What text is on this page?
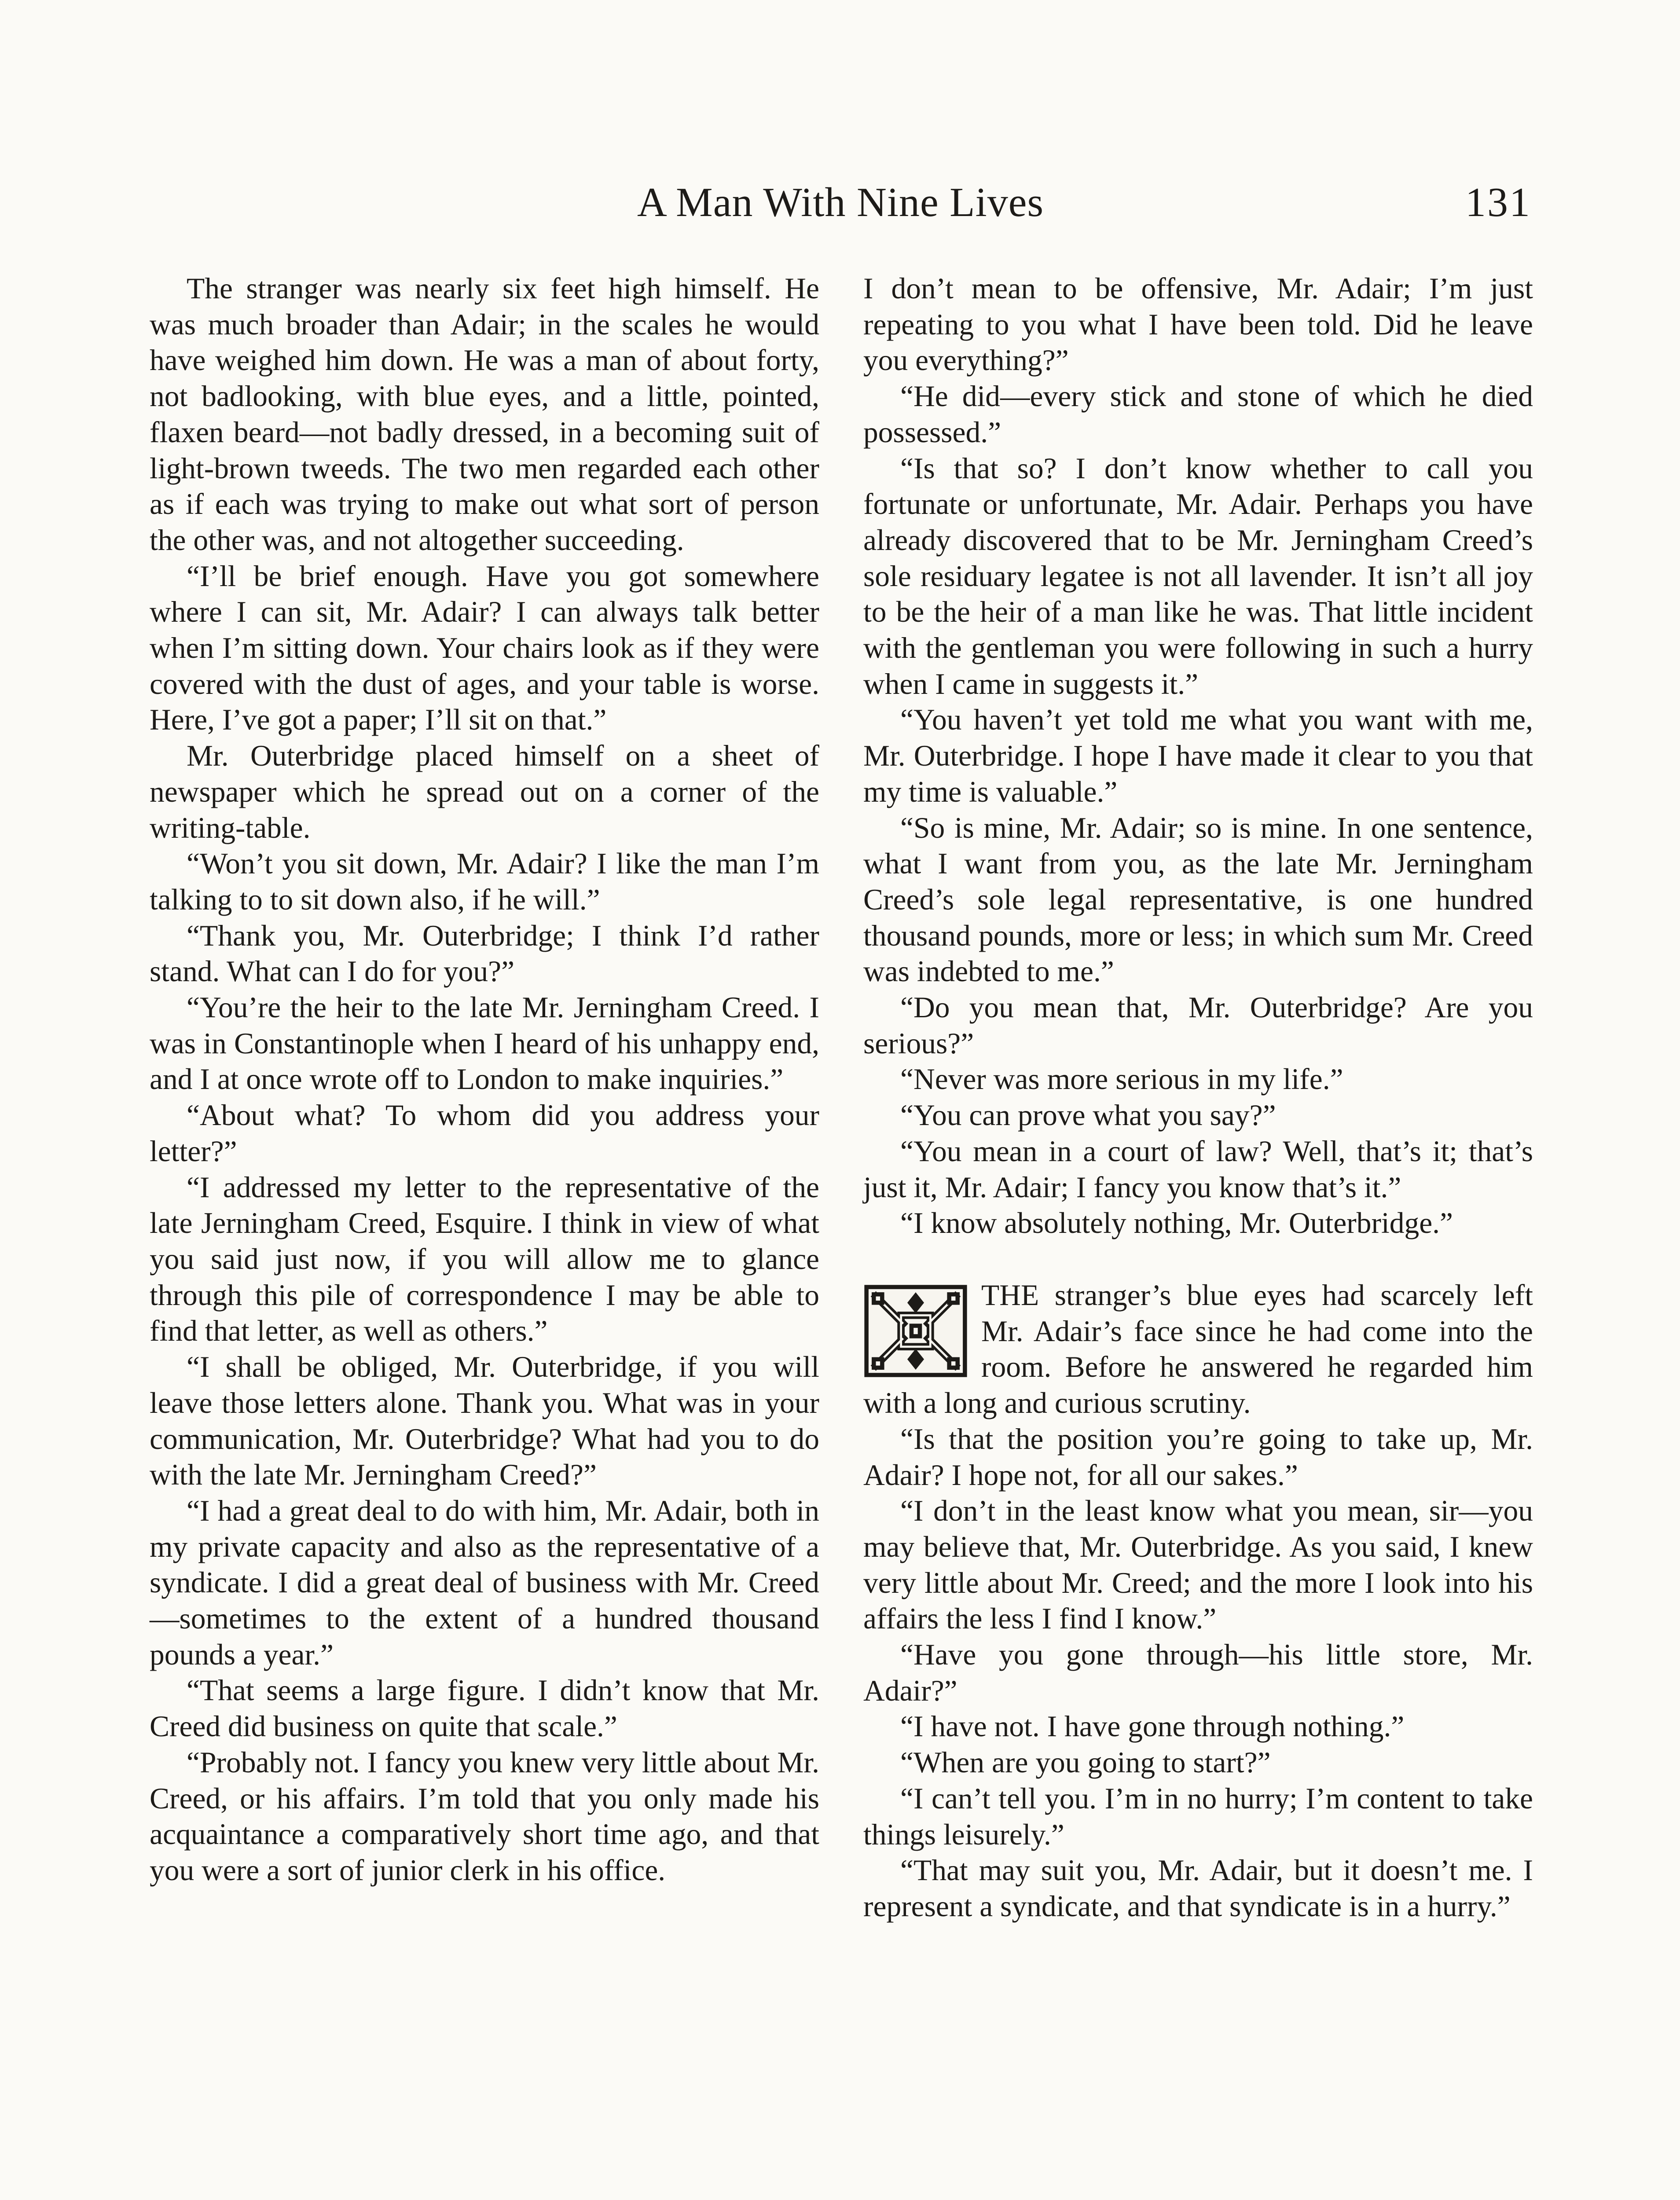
A Man With Nine Lives	131

The stranger was nearly six feet high himself. He was much broader than Adair; in the scales he would have weighed him down. He was a man of about forty, not badlooking, with blue eyes, and a little, pointed, flaxen beard—not badly dressed, in a becoming suit of light-brown tweeds. The two men regarded each other as if each was trying to make out what sort of person the other was, and not altogether succeeding.

“I’ll be brief enough. Have you got somewhere where I can sit, Mr. Adair? I can always talk better when I’m sitting down. Your chairs look as if they were covered with the dust of ages, and your table is worse. Here, I’ve got a paper; I’ll sit on that.”

Mr. Outerbridge placed himself on a sheet of newspaper which he spread out on a corner of the writing-table.

“Won’t you sit down, Mr. Adair? I like the man I’m talking to to sit down also, if he will.”

“Thank you, Mr. Outerbridge; I think I’d rather stand. What can I do for you?”

“You’re the heir to the late Mr. Jerningham Creed. I was in Constantinople when I heard of his unhappy end, and I at once wrote off to London to make inquiries.”

“About what? To whom did you address your letter?”

“I addressed my letter to the representative of the late Jerningham Creed, Esquire. I think in view of what you said just now, if you will allow me to glance through this pile of correspondence I may be able to find that letter, as well as others.”

“I shall be obliged, Mr. Outerbridge, if you will leave those letters alone. Thank you. What was in your communication, Mr. Outerbridge? What had you to do with the late Mr. Jerningham Creed?”

“I had a great deal to do with him, Mr. Adair, both in my private capacity and also as the representative of a syndicate. I did a great deal of business with Mr. Creed —sometimes to the extent of a hundred thousand pounds a year.”

“That seems a large figure. I didn’t know that Mr. Creed did business on quite that scale.”

“Probably not. I fancy you knew very little about Mr. Creed, or his affairs. I’m told that you only made his acquaintance a comparatively short time ago, and that you were a sort of junior clerk in his office.

I don’t mean to be offensive, Mr. Adair; I’m just repeating to you what I have been told. Did he leave you everything?”

“He did—every stick and stone of which he died possessed.”

“Is that so? I don’t know whether to call you fortunate or unfortunate, Mr. Adair. Perhaps you have already discovered that to be Mr. Jerningham Creed’s sole residuary legatee is not all lavender. It isn’t all joy to be the heir of a man like he was. That little incident with the gentleman you were following in such a hurry when I came in suggests it.”

“You haven’t yet told me what you want with me, Mr. Outerbridge. I hope I have made it clear to you that my time is valuable.”

“So is mine, Mr. Adair; so is mine. In one sentence, what I want from you, as the late Mr. Jerningham Creed’s sole legal representative, is one hundred thousand pounds, more or less; in which sum Mr. Creed was indebted to me.”

“Do you mean that, Mr. Outerbridge? Are you serious?”

“Never was more serious in my life.”

“You can prove what you say?”

“You mean in a court of law? Well, that’s it; that’s just it, Mr. Adair; I fancy you know that’s it.”

“I know absolutely nothing, Mr. Outerbridge.”

THE stranger’s blue eyes had scarcely left Mr. Adair’s face since he had come into the room. Before he answered he regarded him with a long and curious scrutiny.

“Is that the position you’re going to take up, Mr. Adair? I hope not, for all our sakes.”

“I don’t in the least know what you mean, sir—you may believe that, Mr. Outerbridge. As you said, I knew very little about Mr. Creed; and the more I look into his affairs the less I find I know.”

“Have you gone through—his little store, Mr. Adair?”

“I have not. I have gone through nothing.”

“When are you going to start?”

“I can’t tell you. I’m in no hurry; I’m content to take things leisurely.”

“That may suit you, Mr. Adair, but it doesn’t me. I represent a syndicate, and that syndicate is in a hurry.”
